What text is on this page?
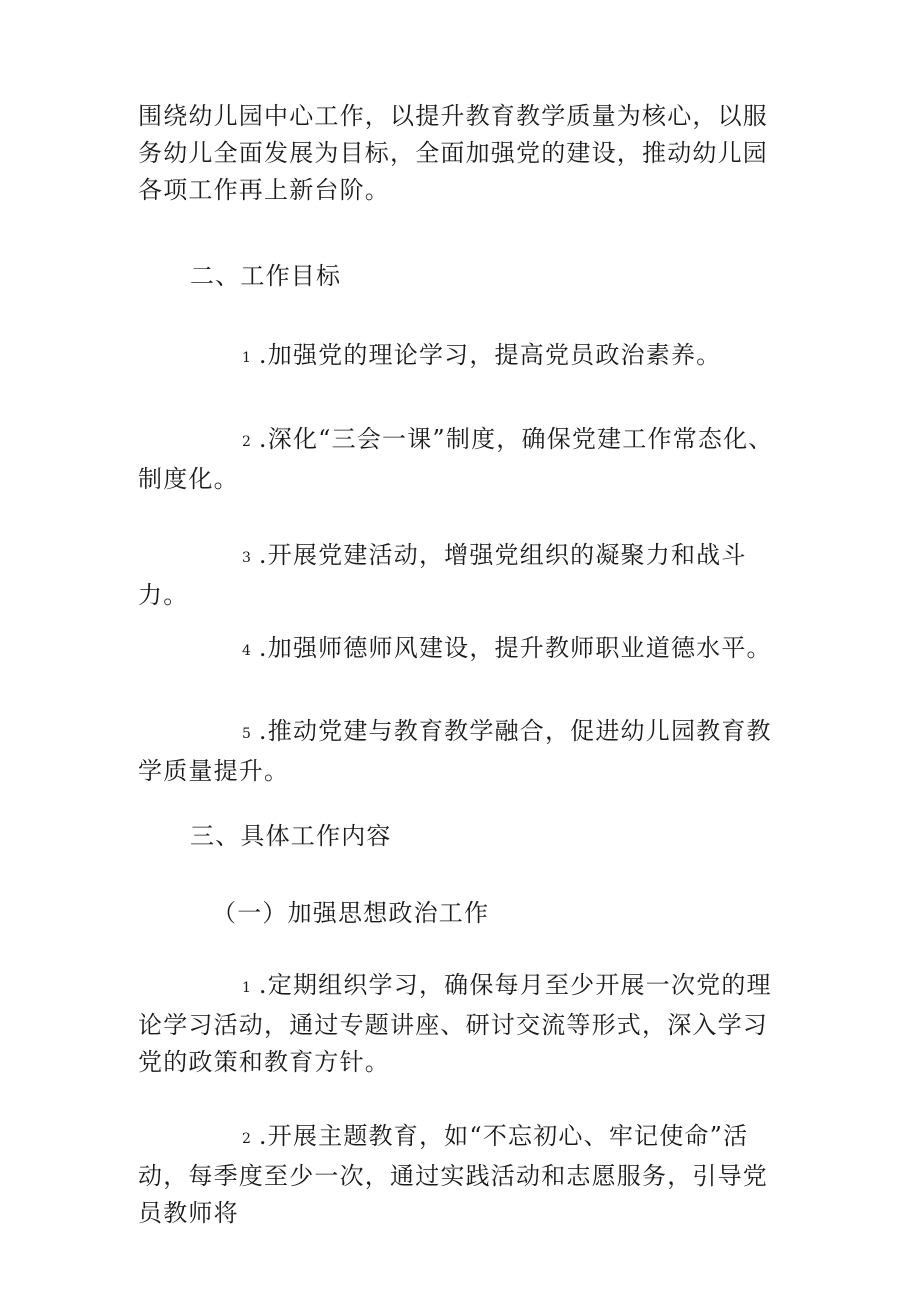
围绕幼儿园中心工作，以提升教育教学质量为核心，以服务幼儿全面发展为目标，全面加强党的建设，推动幼儿园各项工作再上新台阶。

二、工作目标

1 .加强党的理论学习，提高党员政治素养。

2 .深化“三会一课”制度，确保党建工作常态化、制度化。

3 .开展党建活动，增强党组织的凝聚力和战斗力。

4 .加强师德师风建设，提升教师职业道德水平。

5 .推动党建与教育教学融合，促进幼儿园教育教学质量提升。

三、具体工作内容

（一）加强思想政治工作

1 .定期组织学习，确保每月至少开展一次党的理论学习活动，通过专题讲座、研讨交流等形式，深入学习党的政策和教育方针。

2 .开展主题教育，如“不忘初心、牢记使命”活动，每季度至少一次，通过实践活动和志愿服务，引导党员教师将
